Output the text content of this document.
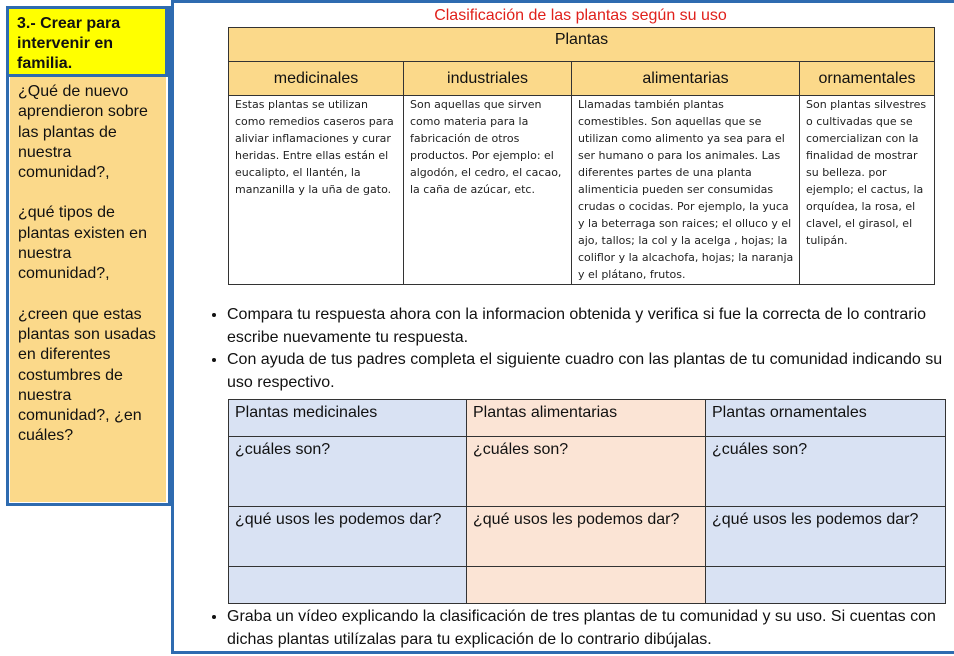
¿Qué de nuevo aprendieron sobre las plantas de nuestra comunidad?,

¿qué tipos de plantas existen en nuestra comunidad?,

¿creen que estas plantas son usadas en diferentes costumbres de nuestra comunidad?, ¿en cuáles?

3.- Crear para intervenir en familia.
Clasificación de las plantas según su uso
Plantas			
medicinales	industriales	alimentarias	ornamentales
Estas plantas se utilizan como remedios caseros para aliviar inflamaciones y curar heridas. Entre ellas están el eucalipto, el llantén, la manzanilla y la uña de gato.	Son aquellas que sirven como materia para la fabricación de otros productos. Por ejemplo: el algodón, el cedro, el cacao, la caña de azúcar, etc.	Llamadas también plantas comestibles. Son aquellas que se utilizan como alimento ya sea para el ser humano o para los animales. Las diferentes partes de una planta alimenticia pueden ser consumidas crudas o cocidas. Por ejemplo, la yuca y la beterraga son raices; el olluco y el ajo, tallos; la col y la acelga , hojas; la coliflor y la alcachofa, hojas; la naranja y el plátano, frutos.	Son plantas silvestres o cultivadas que se comercializan con la finalidad de mostrar su belleza. por ejemplo; el cactus, la orquídea, la rosa, el clavel, el girasol, el tulipán.
• Compara tu respuesta ahora con la informacion obtenida y verifica si fue la correcta de lo contrario escribe nuevamente tu respuesta.
• Con ayuda de tus padres completa el siguiente cuadro con las plantas de tu comunidad indicando su uso respectivo.
Plantas medicinales	Plantas alimentarias	Plantas ornamentales
¿cuáles son?	¿cuáles son?	¿cuáles son?
¿qué usos les podemos dar?	¿qué usos les podemos dar?	¿qué usos les podemos dar?

• Graba un vídeo explicando la clasificación de tres plantas de tu comunidad y su uso. Si cuentas con dichas plantas utilízalas para tu explicación de lo contrario dibújalas.
